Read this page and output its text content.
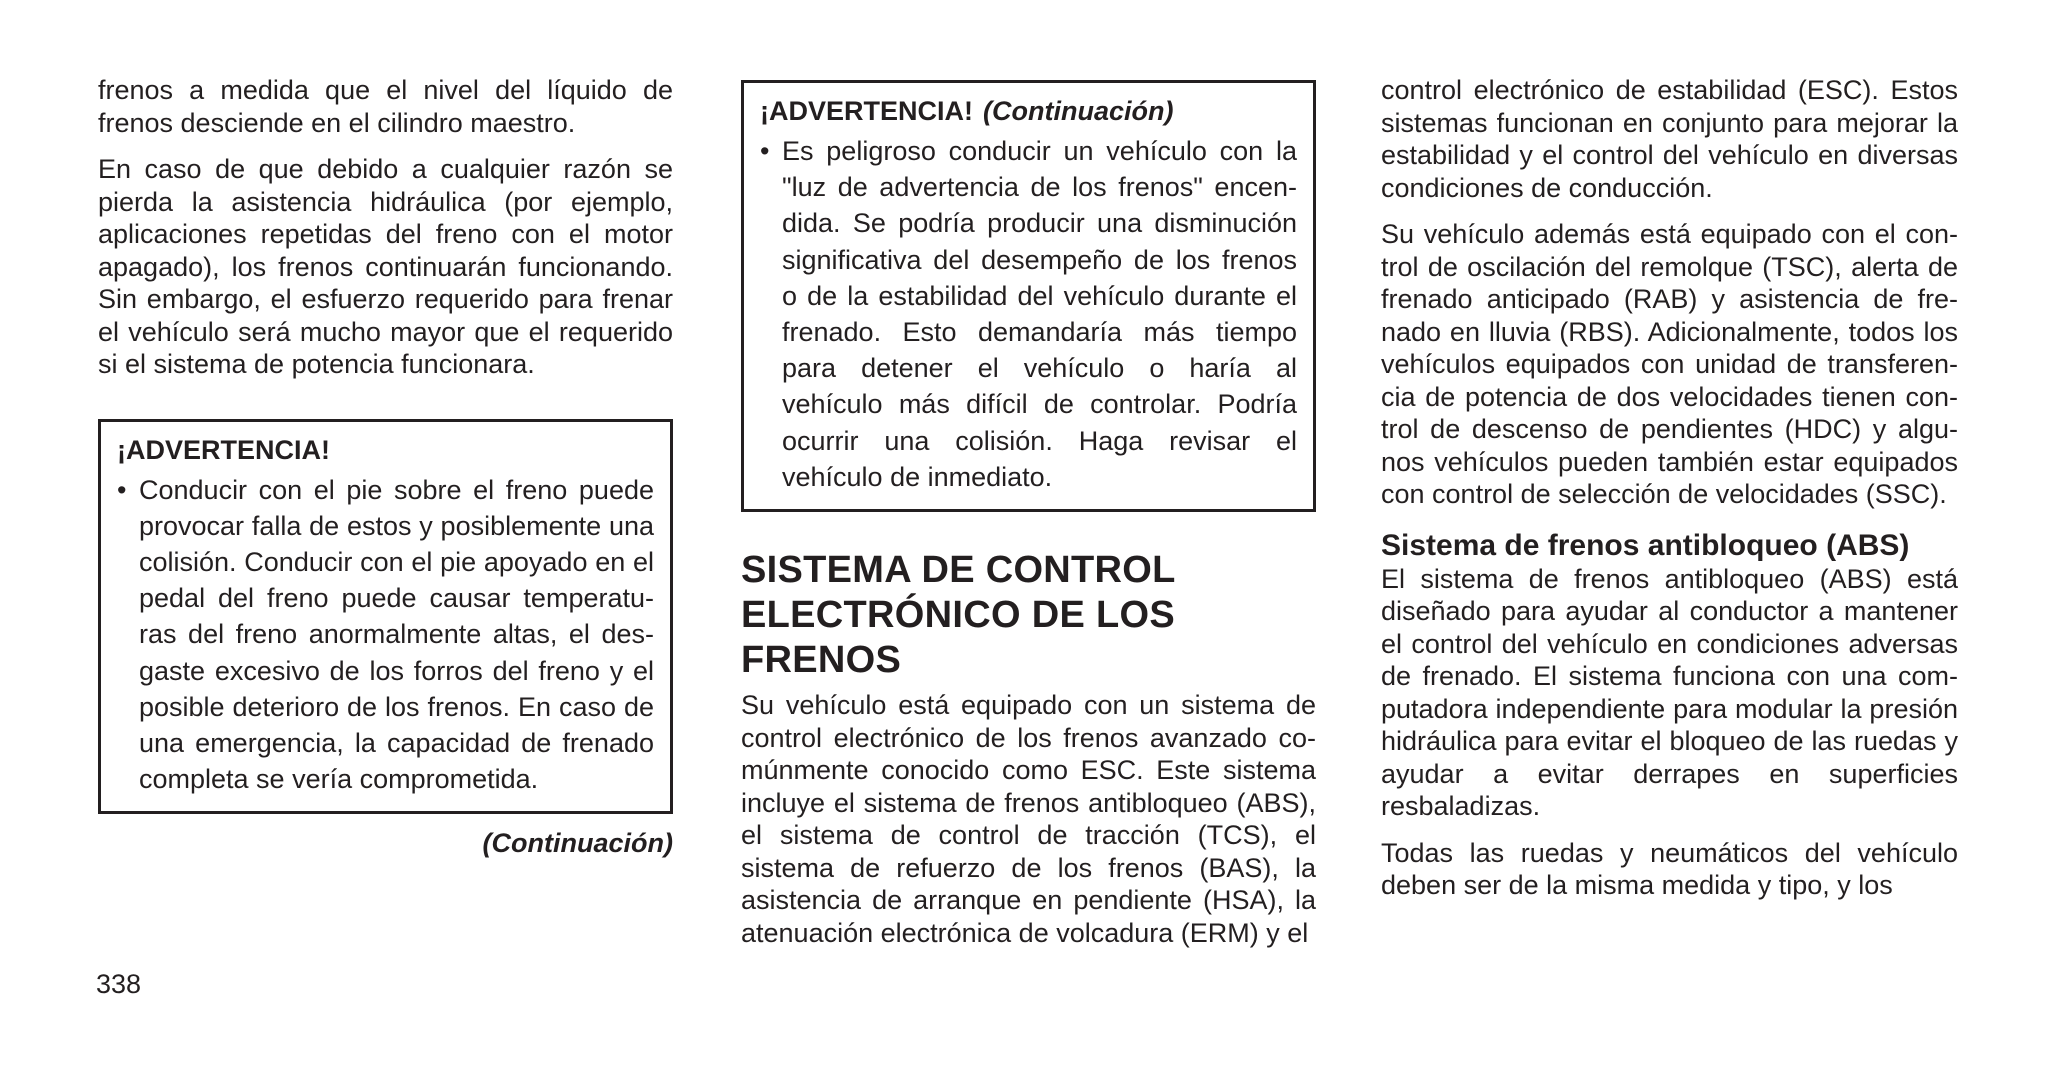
frenos a medida que el nivel del líquido de frenos desciende en el cilindro maestro.

En caso de que debido a cualquier razón se pierda la asistencia hidráulica (por ejemplo, aplicaciones repetidas del freno con el motor apagado), los frenos continuarán funcionando. Sin embargo, el esfuerzo requerido para frenar el vehículo será mucho mayor que el requerido si el sistema de potencia funcionara.

¡ADVERTENCIA!
• Conducir con el pie sobre el freno puede provocar falla de estos y posiblemente una colisión. Conducir con el pie apoyado en el pedal del freno puede causar temperaturas del freno anormalmente altas, el desgaste excesivo de los forros del freno y el posible deterioro de los frenos. En caso de una emergencia, la capacidad de frenado completa se vería comprometida.

(Continuación)
¡ADVERTENCIA! (Continuación)
• Es peligroso conducir un vehículo con la "luz de advertencia de los frenos" encendida. Se podría producir una disminución significativa del desempeño de los frenos o de la estabilidad del vehículo durante el frenado. Esto demandaría más tiempo para detener el vehículo o haría al vehículo más difícil de controlar. Podría ocurrir una colisión. Haga revisar el vehículo de inmediato.

SISTEMA DE CONTROL ELECTRÓNICO DE LOS FRENOS

Su vehículo está equipado con un sistema de control electrónico de los frenos avanzado comúnmente conocido como ESC. Este sistema incluye el sistema de frenos antibloqueo (ABS), el sistema de control de tracción (TCS), el sistema de refuerzo de los frenos (BAS), la asistencia de arranque en pendiente (HSA), la atenuación electrónica de volcadura (ERM) y el

control electrónico de estabilidad (ESC). Estos sistemas funcionan en conjunto para mejorar la estabilidad y el control del vehículo en diversas condiciones de conducción.

Su vehículo además está equipado con el control de oscilación del remolque (TSC), alerta de frenado anticipado (RAB) y asistencia de frenado en lluvia (RBS). Adicionalmente, todos los vehículos equipados con unidad de transferencia de potencia de dos velocidades tienen control de descenso de pendientes (HDC) y algunos vehículos pueden también estar equipados con control de selección de velocidades (SSC).

Sistema de frenos antibloqueo (ABS)

El sistema de frenos antibloqueo (ABS) está diseñado para ayudar al conductor a mantener el control del vehículo en condiciones adversas de frenado. El sistema funciona con una computadora independiente para modular la presión hidráulica para evitar el bloqueo de las ruedas y ayudar a evitar derrapes en superficies resbaladizas.

Todas las ruedas y neumáticos del vehículo deben ser de la misma medida y tipo, y los

338
